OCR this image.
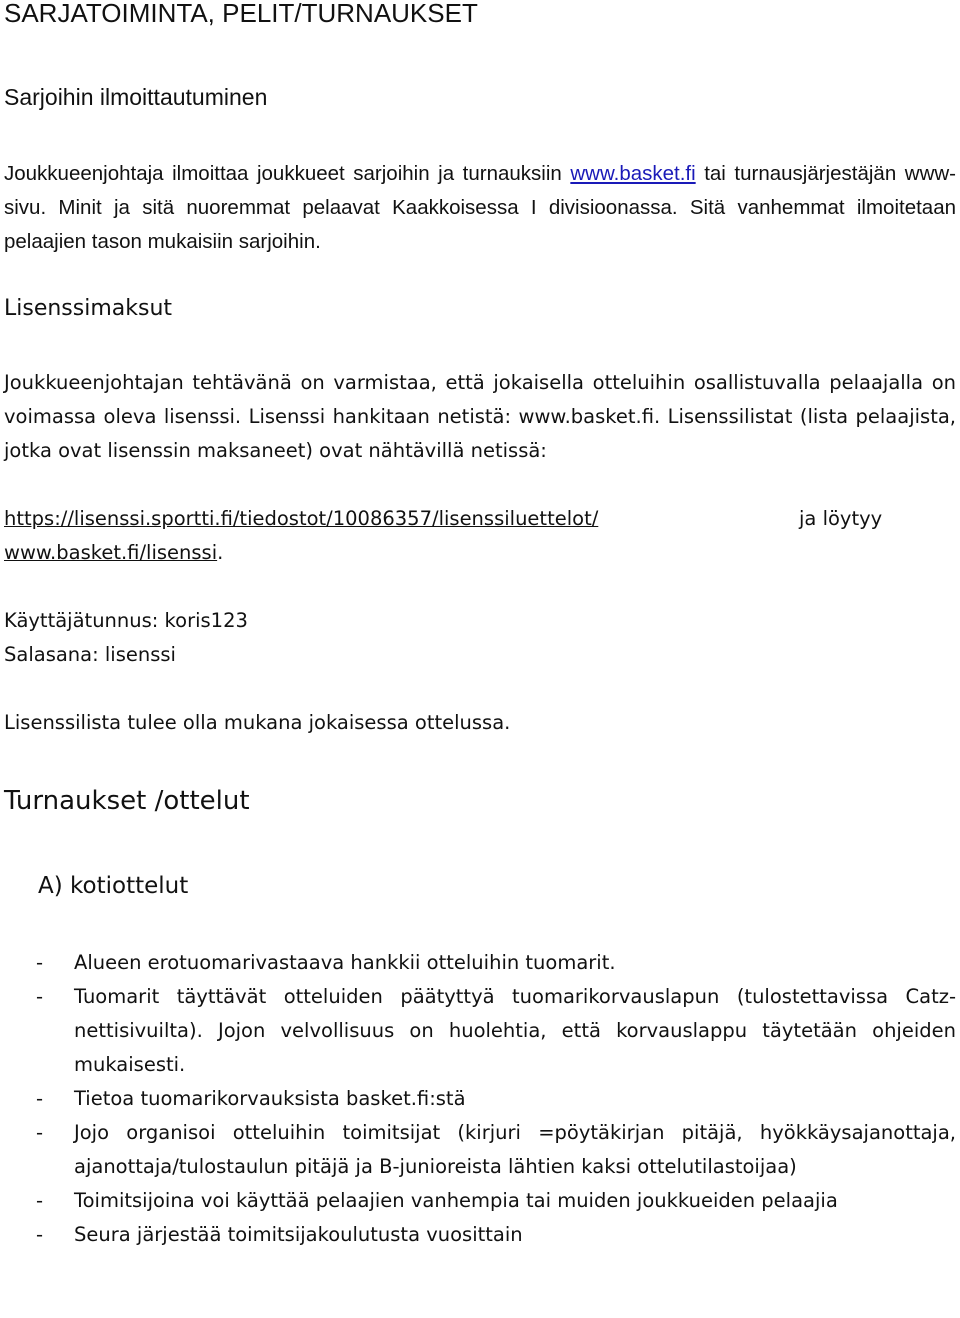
SARJATOIMINTA, PELIT/TURNAUKSET
Sarjoihin ilmoittautuminen
Joukkueenjohtaja ilmoittaa joukkueet sarjoihin ja turnauksiin www.basket.fi tai turnausjärjestäjän www-sivu. Minit ja sitä nuoremmat pelaavat Kaakkoisessa I divisioonassa. Sitä vanhemmat ilmoitetaan pelaajien tason mukaisiin sarjoihin.
Lisenssimaksut
Joukkueenjohtajan tehtävänä on varmistaa, että jokaisella otteluihin osallistuvalla pelaajalla on voimassa oleva lisenssi. Lisenssi hankitaan netistä: www.basket.fi. Lisenssilistat (lista pelaajista, jotka ovat lisenssin maksaneet) ovat nähtävillä netissä:
https://lisenssi.sportti.fi/tiedostot/10086357/lisenssiluettelot/	ja löytyy
www.basket.fi/lisenssi.
Käyttäjätunnus: koris123
Salasana: lisenssi
Lisenssilista tulee olla mukana jokaisessa ottelussa.
Turnaukset /ottelut
A) kotiottelut
- Alueen erotuomarivastaava hankkii otteluihin tuomarit.
- Tuomarit täyttävät otteluiden päätyttyä tuomarikorvauslapun (tulostettavissa Catz-nettisivuilta). Jojon velvollisuus on huolehtia, että korvauslappu täytetään ohjeiden mukaisesti.
- Tietoa tuomarikorvauksista basket.fi:stä
- Jojo organisoi otteluihin toimitsijat (kirjuri =pöytäkirjan pitäjä, hyökkäysajanottaja, ajanottaja/tulostaulun pitäjä ja B-junioreista lähtien kaksi ottelutilastoijaa)
- Toimitsijoina voi käyttää pelaajien vanhempia tai muiden joukkueiden pelaajia
- Seura järjestää toimitsijakoulutusta vuosittain
